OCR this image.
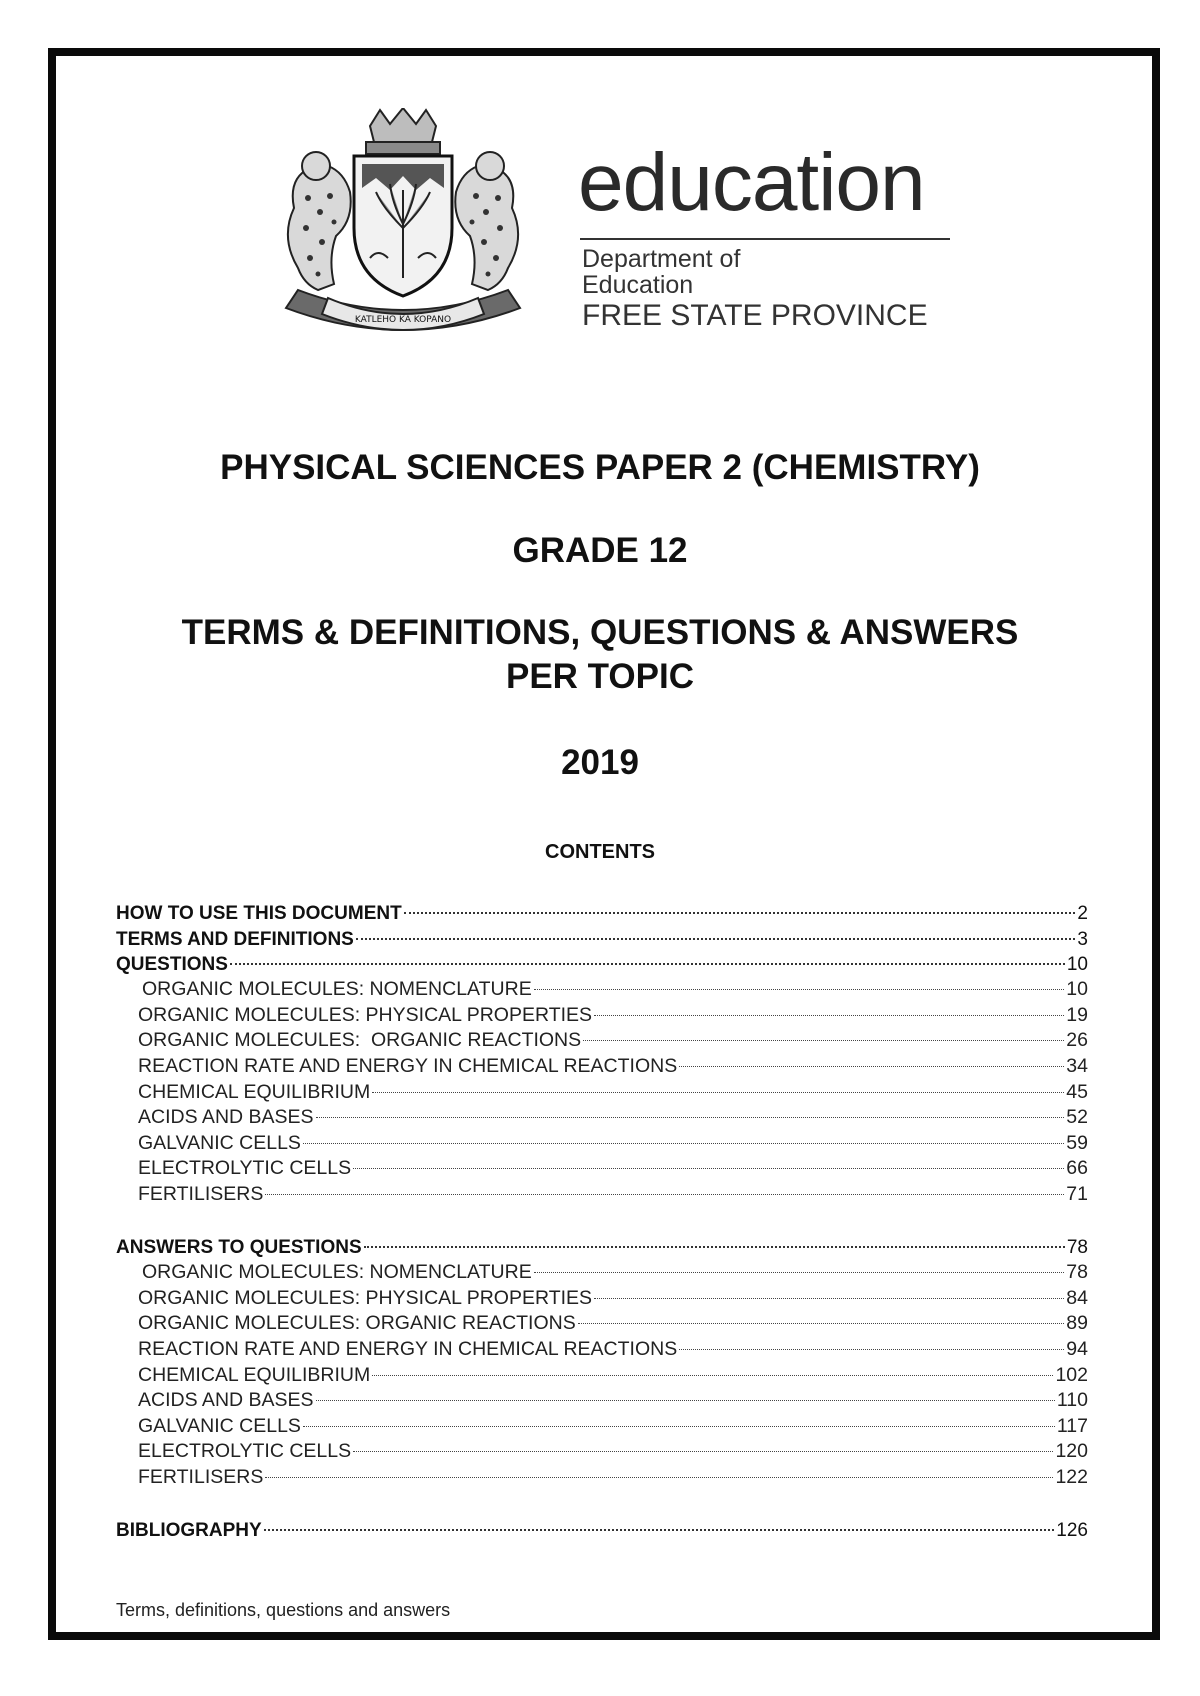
KATLEHO KA KOPANO
education
Department of
Education
FREE STATE PROVINCE
PHYSICAL SCIENCES PAPER 2 (CHEMISTRY)
GRADE 12
TERMS & DEFINITIONS, QUESTIONS & ANSWERS
PER TOPIC
2019
CONTENTS
HOW TO USE THIS DOCUMENT	2
TERMS AND DEFINITIONS	3
QUESTIONS	10
ORGANIC MOLECULES: NOMENCLATURE	10
ORGANIC MOLECULES: PHYSICAL PROPERTIES	19
ORGANIC MOLECULES:  ORGANIC REACTIONS	26
REACTION RATE AND ENERGY IN CHEMICAL REACTIONS	34
CHEMICAL EQUILIBRIUM	45
ACIDS AND BASES	52
GALVANIC CELLS	59
ELECTROLYTIC CELLS	66
FERTILISERS	71
ANSWERS TO QUESTIONS	78
ORGANIC MOLECULES: NOMENCLATURE	78
ORGANIC MOLECULES: PHYSICAL PROPERTIES	84
ORGANIC MOLECULES: ORGANIC REACTIONS	89
REACTION RATE AND ENERGY IN CHEMICAL REACTIONS	94
CHEMICAL EQUILIBRIUM	102
ACIDS AND BASES	110
GALVANIC CELLS	117
ELECTROLYTIC CELLS	120
FERTILISERS	122
BIBLIOGRAPHY	126
Terms, definitions, questions and answers
